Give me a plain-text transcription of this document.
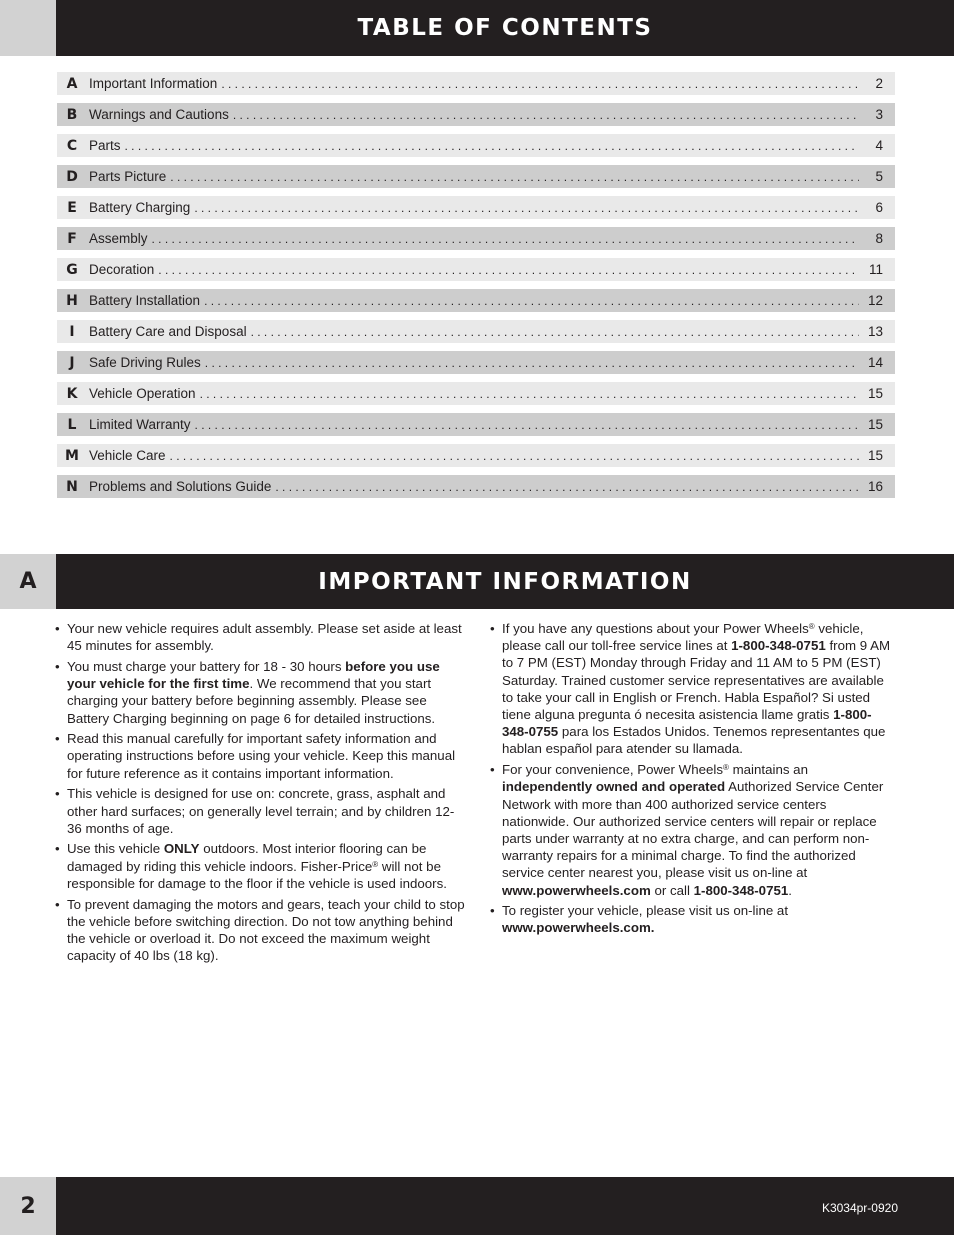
TABLE OF CONTENTS
A Important Information . . .	2
B Warnings and Cautions . . .	3
C Parts . . .	4
D Parts Picture . . .	5
E Battery Charging . . .	6
F Assembly . . .	8
G Decoration . . .	11
H Battery Installation . . .	12
I	Battery Care and Disposal . . .	13
J	Safe Driving Rules . . .	14
K Vehicle Operation . . .	15
L Limited Warranty . . .	15
M Vehicle Care . . .	15
N Problems and Solutions Guide . . .	16
A	IMPORTANT INFORMATION
• Your new vehicle requires adult assembly. Please set aside at least 45 minutes for assembly.
• You must charge your battery for 18 - 30 hours before you use your vehicle for the first time. We recommend that you start charging your battery before beginning assembly. Please see Battery Charging beginning on page 6 for detailed instructions.
• Read this manual carefully for important safety information and operating instructions before using your vehicle. Keep this manual for future reference as it contains important information.
• This vehicle is designed for use on: concrete, grass, asphalt and other hard surfaces; on generally level terrain; and by children 12-36 months of age.
• Use this vehicle ONLY outdoors. Most interior flooring can be damaged by riding this vehicle indoors. Fisher-Price® will not be responsible for damage to the floor if the vehicle is used indoors.
• To prevent damaging the motors and gears, teach your child to stop the vehicle before switching direction. Do not tow anything behind the vehicle or overload it. Do not exceed the maximum weight capacity of 40 lbs (18 kg).
• If you have any questions about your Power Wheels® vehicle, please call our toll-free service lines at 1-800-348-0751 from 9 AM to 7 PM (EST) Monday through Friday and 11 AM to 5 PM (EST) Saturday. Trained customer service representatives are available to take your call in English or French. Habla Español? Si usted tiene alguna pregunta ó necesita asistencia llame gratis 1-800-348-0755 para los Estados Unidos. Tenemos representantes que hablan español para atender su llamada.
• For your convenience, Power Wheels® maintains an independently owned and operated Authorized Service Center Network with more than 400 authorized service centers nationwide. Our authorized service centers will repair or replace parts under warranty at no extra charge, and can perform non-warranty repairs for a minimal charge. To find the authorized service center nearest you, please visit us on-line at www.powerwheels.com or call 1-800-348-0751.
• To register your vehicle, please visit us on-line at www.powerwheels.com.
2	K3034pr-0920
